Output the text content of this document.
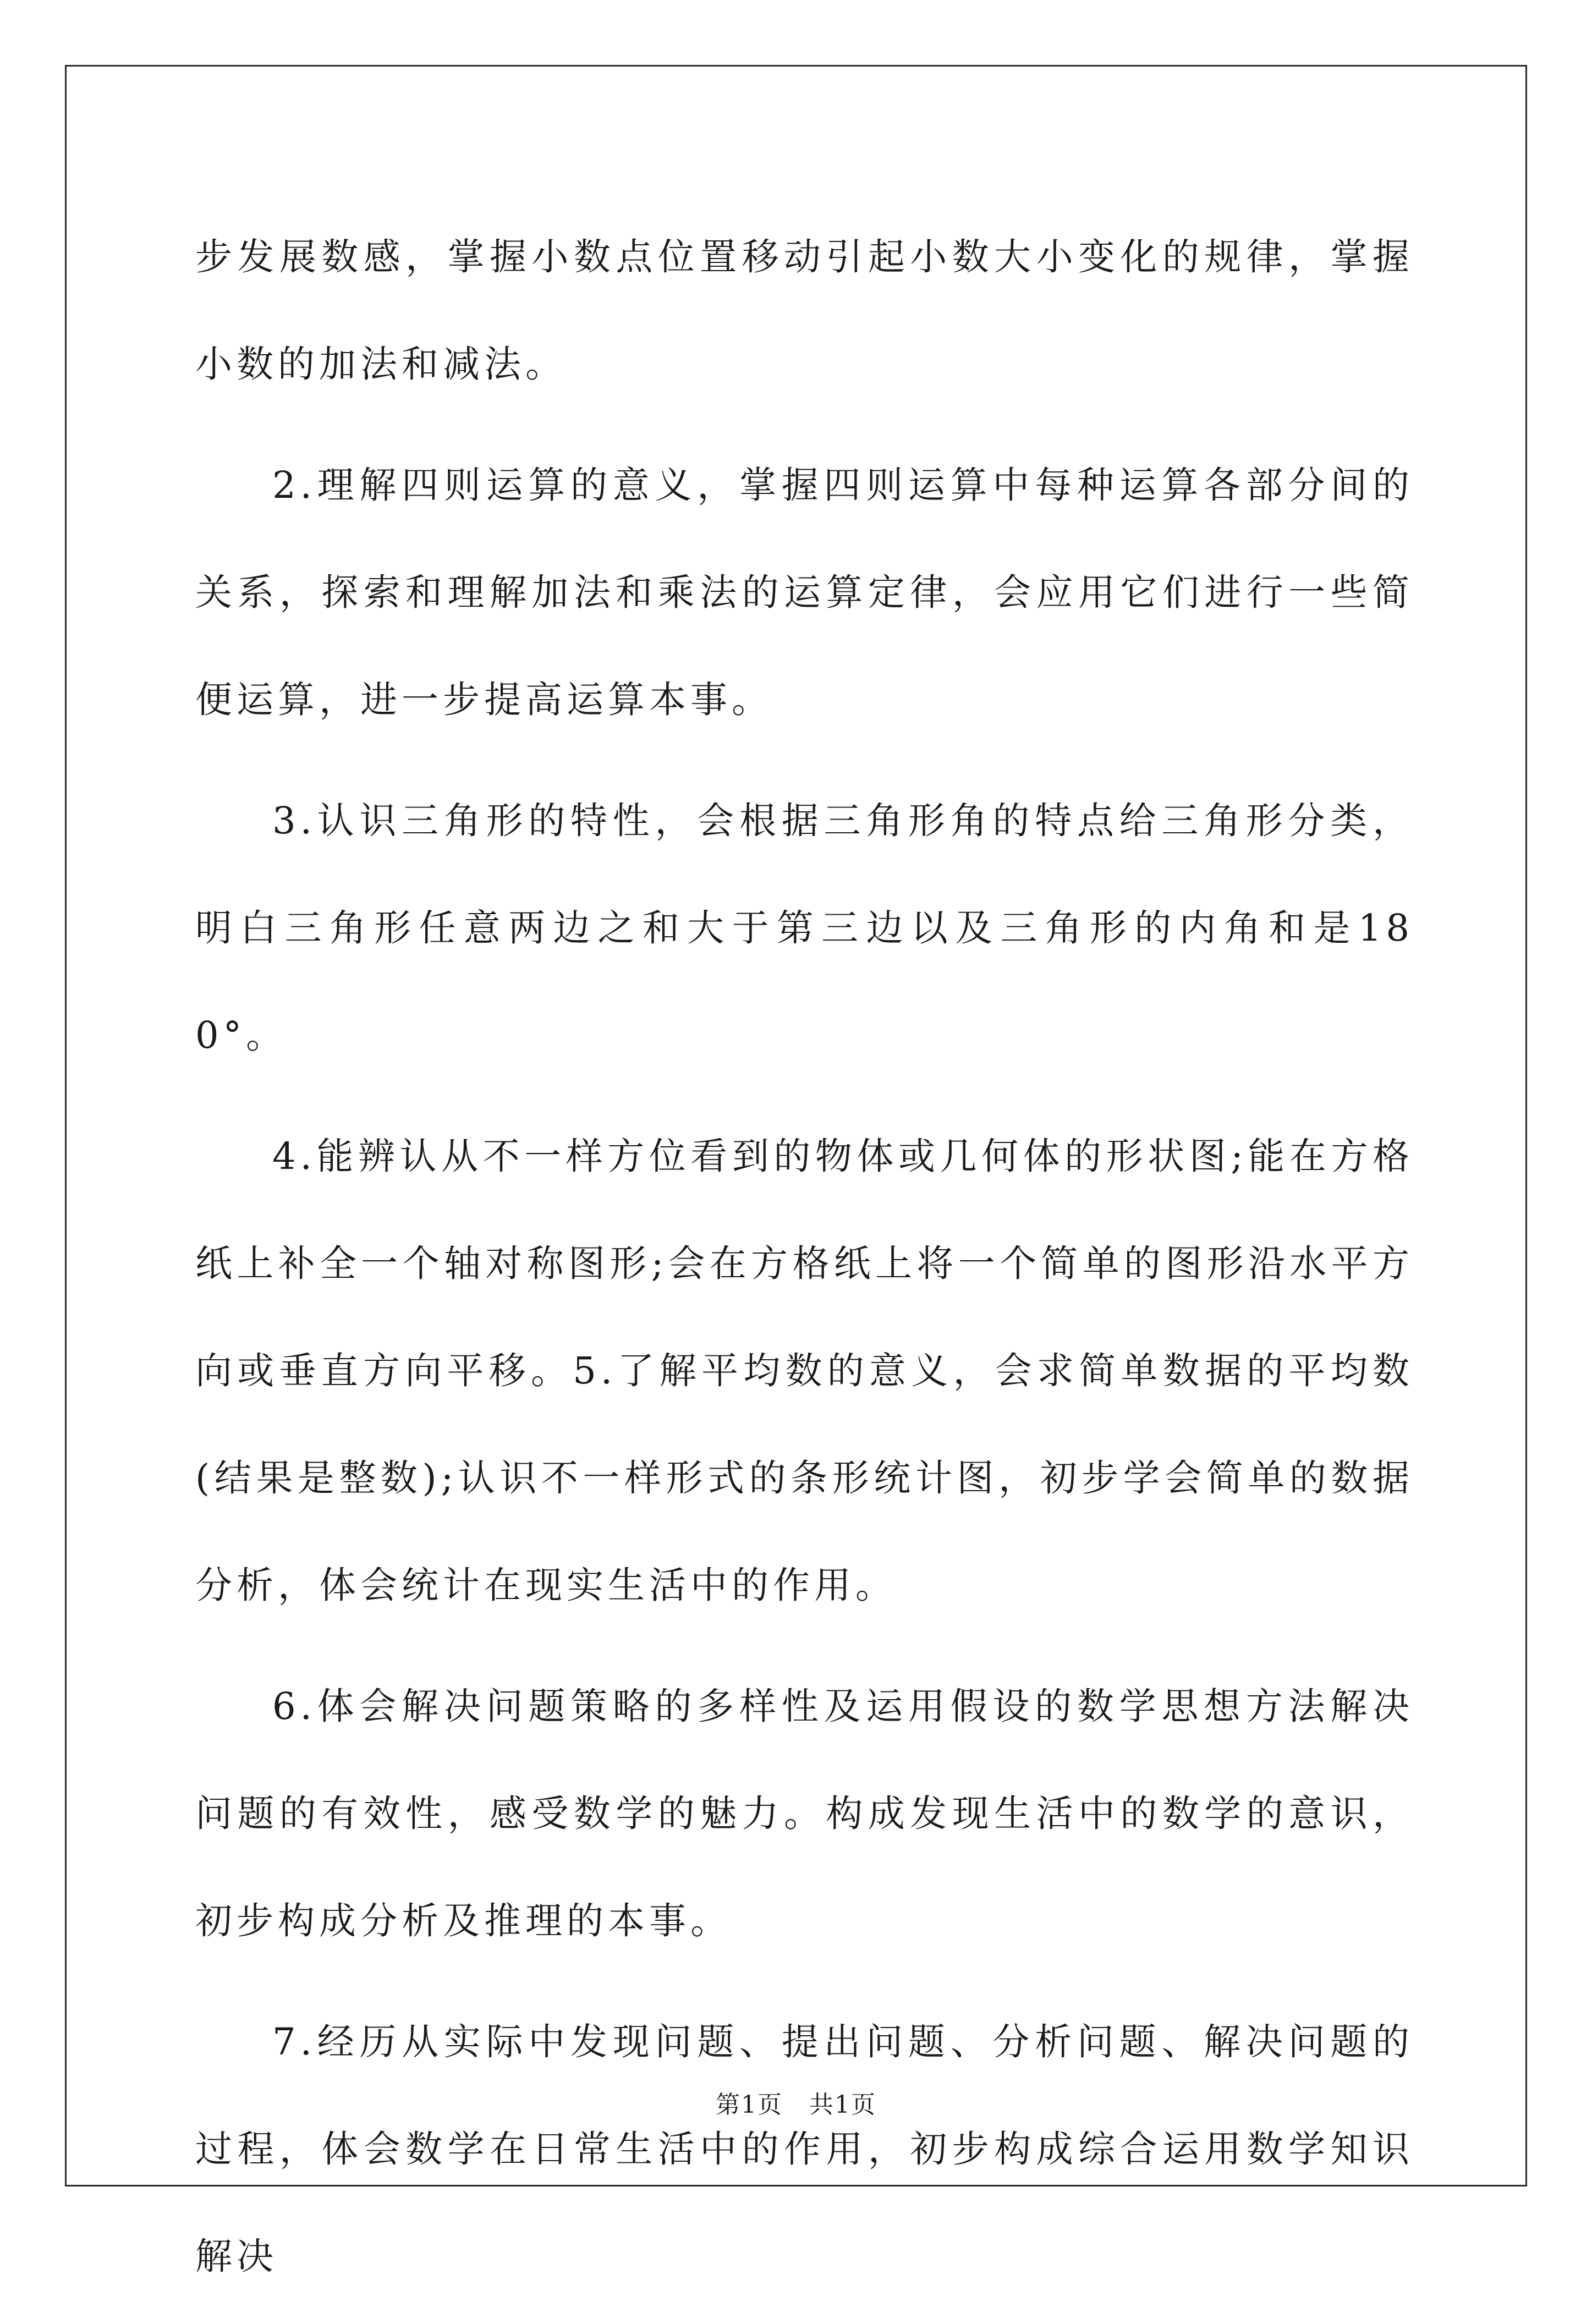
步发展数感，掌握小数点位置移动引起小数大小变化的规律，掌握小数的加法和减法。

2.理解四则运算的意义，掌握四则运算中每种运算各部分间的关系，探索和理解加法和乘法的运算定律，会应用它们进行一些简便运算，进一步提高运算本事。

3.认识三角形的特性，会根据三角形角的特点给三角形分类，明白三角形任意两边之和大于第三边以及三角形的内角和是180°。

4.能辨认从不一样方位看到的物体或几何体的形状图;能在方格纸上补全一个轴对称图形;会在方格纸上将一个简单的图形沿水平方向或垂直方向平移。5.了解平均数的意义，会求简单数据的平均数(结果是整数);认识不一样形式的条形统计图，初步学会简单的数据分析，体会统计在现实生活中的作用。

6.体会解决问题策略的多样性及运用假设的数学思想方法解决问题的有效性，感受数学的魅力。构成发现生活中的数学的意识，初步构成分析及推理的本事。

7.经历从实际中发现问题、提出问题、分析问题、解决问题的过程，体会数学在日常生活中的作用，初步构成综合运用数学知识解决

第1页 共1页
